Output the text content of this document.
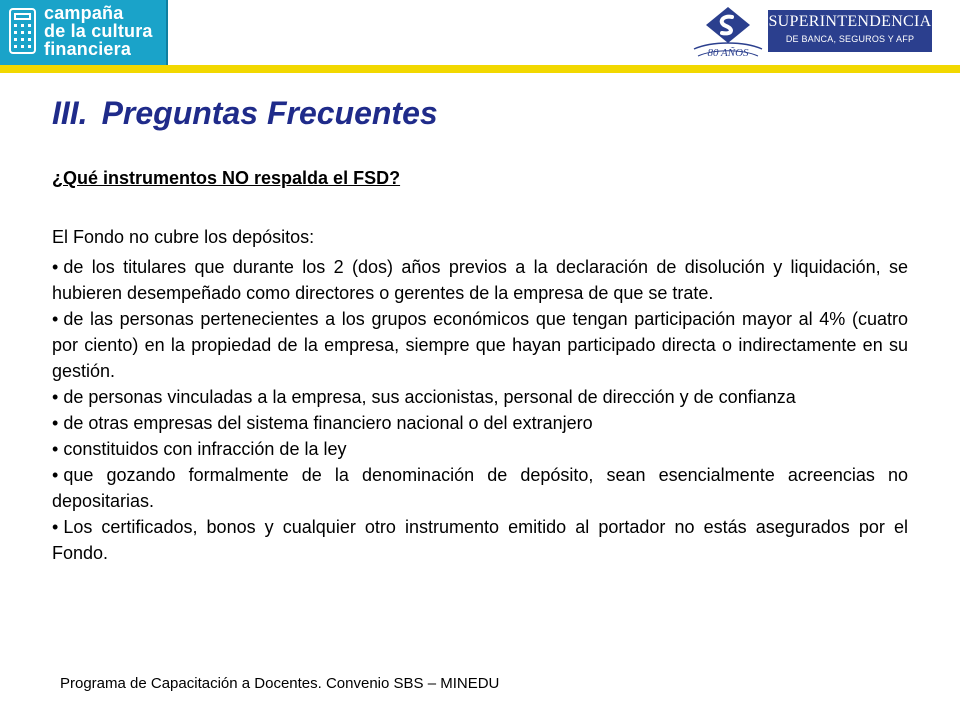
campaña
de la cultura
financiera	80 AÑOS
SUPERINTENDENCIA
DE BANCA, SEGUROS Y AFP
III. Preguntas Frecuentes
¿Qué instrumentos NO respalda el FSD?
El Fondo no cubre los depósitos:
• de los titulares que durante los 2 (dos) años previos a la declaración de disolución y liquidación, se hubieren desempeñado como directores o gerentes de la empresa de que se trate.
• de las personas pertenecientes a los grupos económicos que tengan participación mayor al 4% (cuatro por ciento) en la propiedad de la empresa, siempre que hayan participado directa o indirectamente en su gestión.
• de personas vinculadas a la empresa, sus accionistas, personal de dirección y de confianza
• de otras empresas del sistema financiero nacional o del extranjero
• constituidos con infracción de la ley
• que gozando formalmente de la denominación de depósito, sean esencialmente acreencias no depositarias.
• Los certificados, bonos y cualquier otro instrumento emitido al portador no estás asegurados por el Fondo.
Programa de Capacitación a Docentes. Convenio SBS – MINEDU
